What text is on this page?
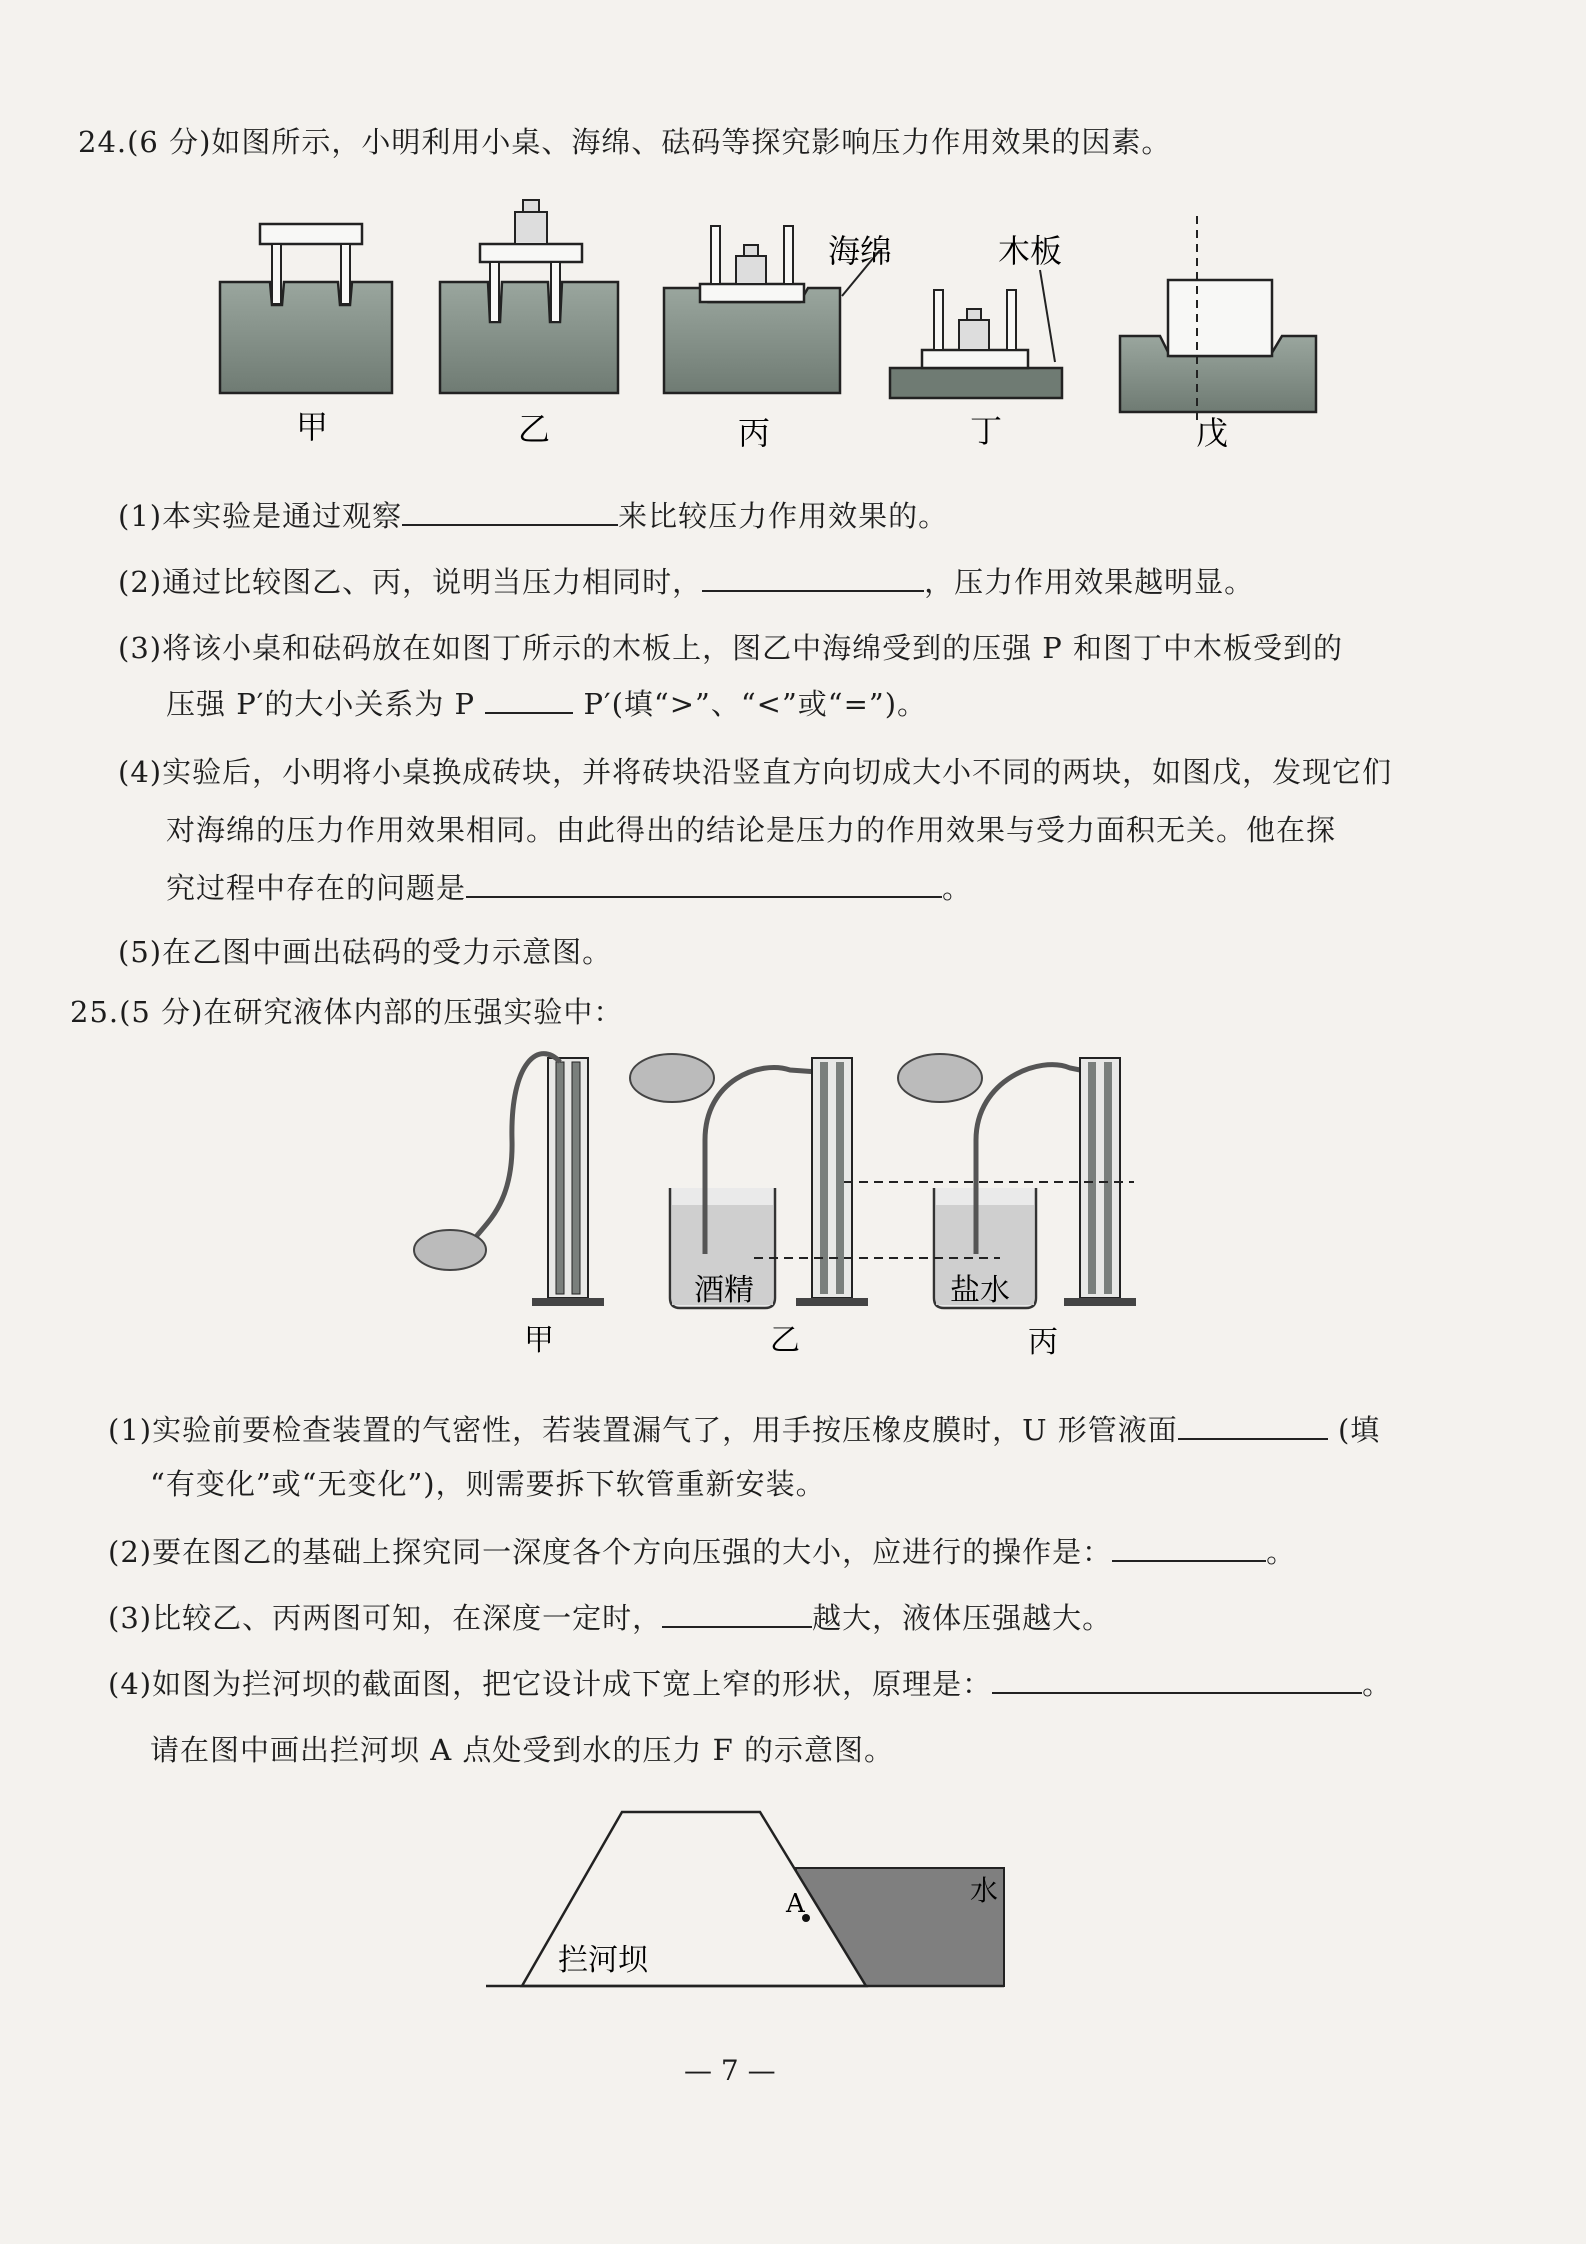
24.(6 分)如图所示，小明利用小桌、海绵、砝码等探究影响压力作用效果的因素。
甲	乙	丙	丁	戊
海绵	木板
(1)本实验是通过观察	来比较压力作用效果的。
(2)通过比较图乙、丙，说明当压力相同时，	，压力作用效果越明显。
(3)将该小桌和砝码放在如图丁所示的木板上，图乙中海绵受到的压强 P 和图丁中木板受到的
压强 P′的大小关系为 P	P′(填“>”、“<”或“=”)。
(4)实验后，小明将小桌换成砖块，并将砖块沿竖直方向切成大小不同的两块，如图戊，发现它们
对海绵的压力作用效果相同。由此得出的结论是压力的作用效果与受力面积无关。他在探
究过程中存在的问题是	。
(5)在乙图中画出砝码的受力示意图。
25.(5 分)在研究液体内部的压强实验中：
酒精	盐水
甲	乙	丙
(1)实验前要检查装置的气密性，若装置漏气了，用手按压橡皮膜时，U 形管液面	(填
“有变化”或“无变化”)，则需要拆下软管重新安装。
(2)要在图乙的基础上探究同一深度各个方向压强的大小，应进行的操作是：	。
(3)比较乙、丙两图可知，在深度一定时，	越大，液体压强越大。
(4)如图为拦河坝的截面图，把它设计成下宽上窄的形状，原理是：	。
请在图中画出拦河坝 A 点处受到水的压力 F 的示意图。
A	水
拦河坝
— 7 —
